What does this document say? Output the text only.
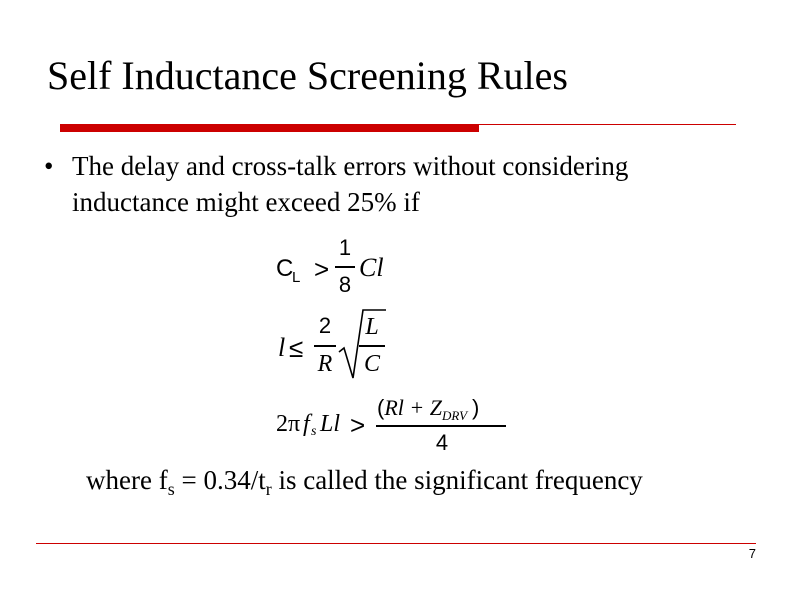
Self Inductance Screening Rules
• The delay and cross-talk errors without considering inductance might exceed 25% if
C
L >
1
8
Cl
l ≤
2
R
L
C
2π f s Ll >
($Rl + Z_{DRV}$ )
4
where $f_s = 0.34/t_r$ is called the significant frequency
7
